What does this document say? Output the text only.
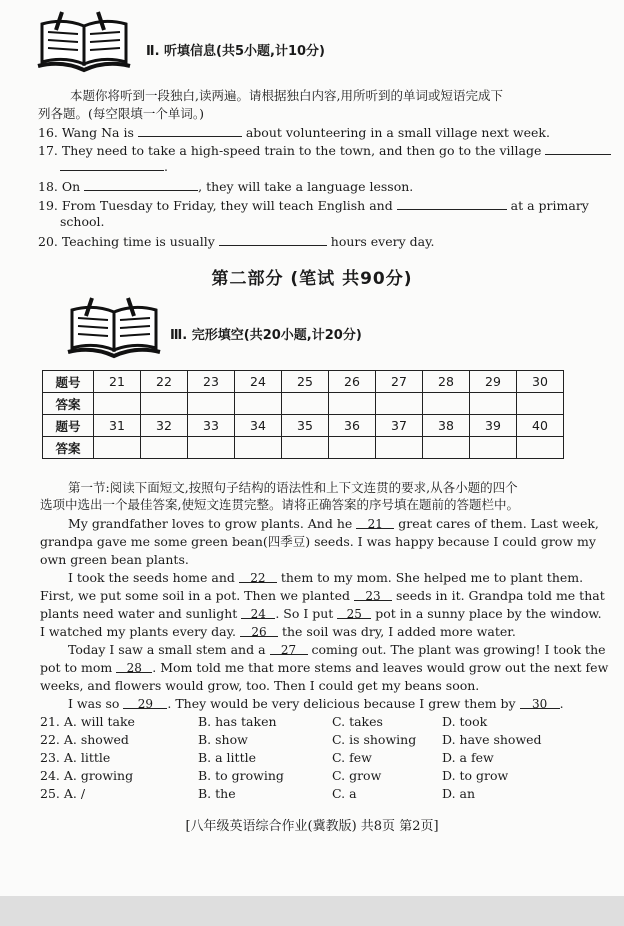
Ⅱ. 听填信息(共5小题,计10分)
本题你将听到一段独白,读两遍。请根据独白内容,用所听到的单词或短语完成下
列各题。(每空限填一个单词。)
16. Wang Na is	about volunteering in a small village next week.
17. They need to take a high-speed train to the town, and then go to the village
.
18. On	, they will take a language lesson.
19. From Tuesday to Friday, they will teach English and	at a primary
school.
20. Teaching time is usually	hours every day.
第二部分 (笔试 共90分)
Ⅲ. 完形填空(共20小题,计20分)
题号	21	22	23	24	25	26	27	28	29	30
答案										
题号	31	32	33	34	35	36	37	38	39	40
答案										
第一节:阅读下面短文,按照句子结构的语法性和上下文连贯的要求,从各小题的四个
选项中选出一个最佳答案,使短文连贯完整。请将正确答案的序号填在题前的答题栏中。
My grandfather loves to grow plants. And he 21 great cares of them. Last week,
grandpa gave me some green bean(四季豆) seeds. I was happy because I could grow my
own green bean plants.
I took the seeds home and 22 them to my mom. She helped me to plant them.
First, we put some soil in a pot. Then we planted 23 seeds in it. Grandpa told me that
plants need water and sunlight 24 . So I put 25 pot in a sunny place by the window.
I watched my plants every day. 26 the soil was dry, I added more water.
Today I saw a small stem and a 27 coming out. The plant was growing! I took the
pot to mom 28 . Mom told me that more stems and leaves would grow out the next few
weeks, and flowers would grow, too. Then I could get my beans soon.
I was so 29 . They would be very delicious because I grew them by 30 .
21. A. will take	B. has taken	C. takes	D. took
22. A. showed	B. show	C. is showing D. have showed
23. A. little	B. a little	C. few	D. a few
24. A. growing	B. to growing	C. grow	D. to grow
25. A. /	B. the	C. a	D. an
[八年级英语综合作业(冀教版) 共8页 第2页]
